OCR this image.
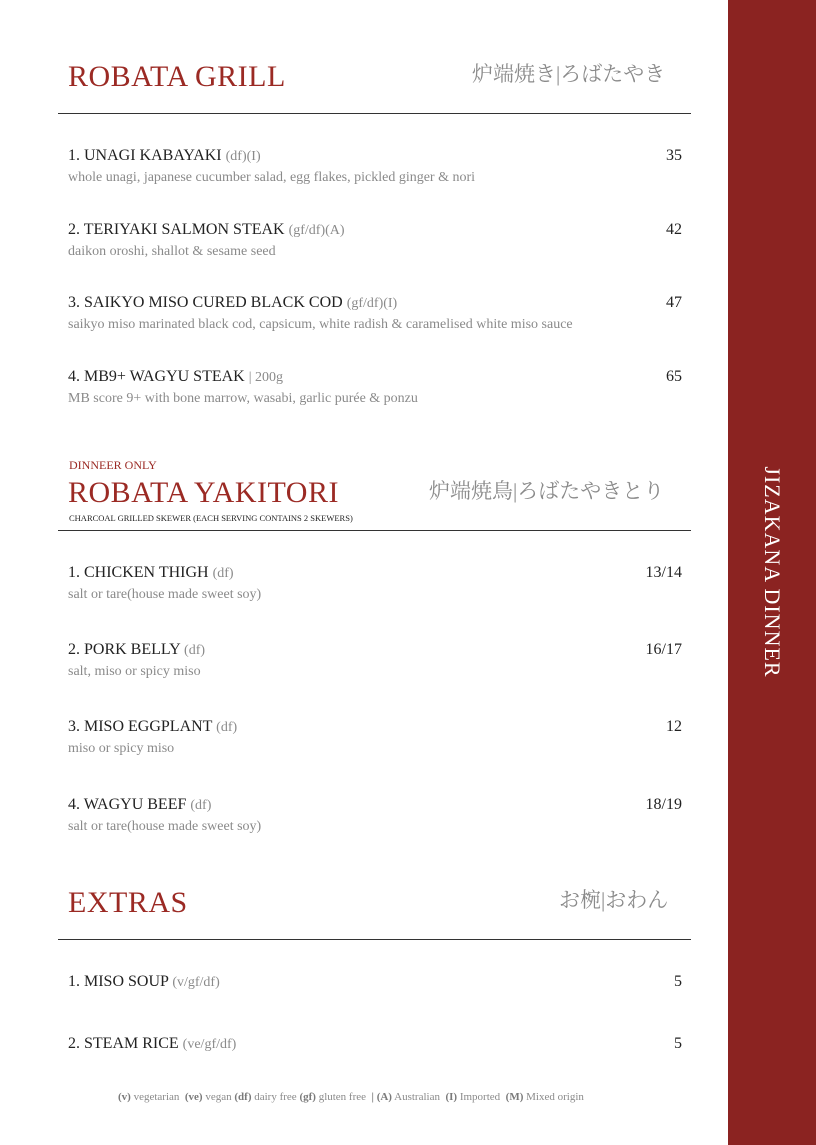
JIZAKANA DINNER
ROBATA GRILL	炉端焼き|ろばたやき
1. UNAGI KABAYAKI (df)(I)	35
whole unagi, japanese cucumber salad, egg flakes, pickled ginger & nori
2. TERIYAKI SALMON STEAK (gf/df)(A)	42
daikon oroshi, shallot & sesame seed
3. SAIKYO MISO CURED BLACK COD (gf/df)(I)	47
saikyo miso marinated black cod, capsicum, white radish & caramelised white miso sauce
4. MB9+ WAGYU STEAK | 200g	65
MB score 9+ with bone marrow, wasabi, garlic purée & ponzu
DINNEER ONLY
ROBATA YAKITORI	炉端焼鳥|ろばたやきとり
CHARCOAL GRILLED SKEWER (EACH SERVING CONTAINS 2 SKEWERS)
1. CHICKEN THIGH (df)	13/14
salt or tare(house made sweet soy)
2. PORK BELLY (df)	16/17
salt, miso or spicy miso
3. MISO EGGPLANT (df)	12
miso or spicy miso
4. WAGYU BEEF (df)	18/19
salt or tare(house made sweet soy)
EXTRAS	お椀|おわん
1. MISO SOUP (v/gf/df)	5
2. STEAM RICE (ve/gf/df)	5
(v) vegetarian (ve) vegan (df) dairy free (gf) gluten free | (A) Australian (I) Imported (M) Mixed origin
